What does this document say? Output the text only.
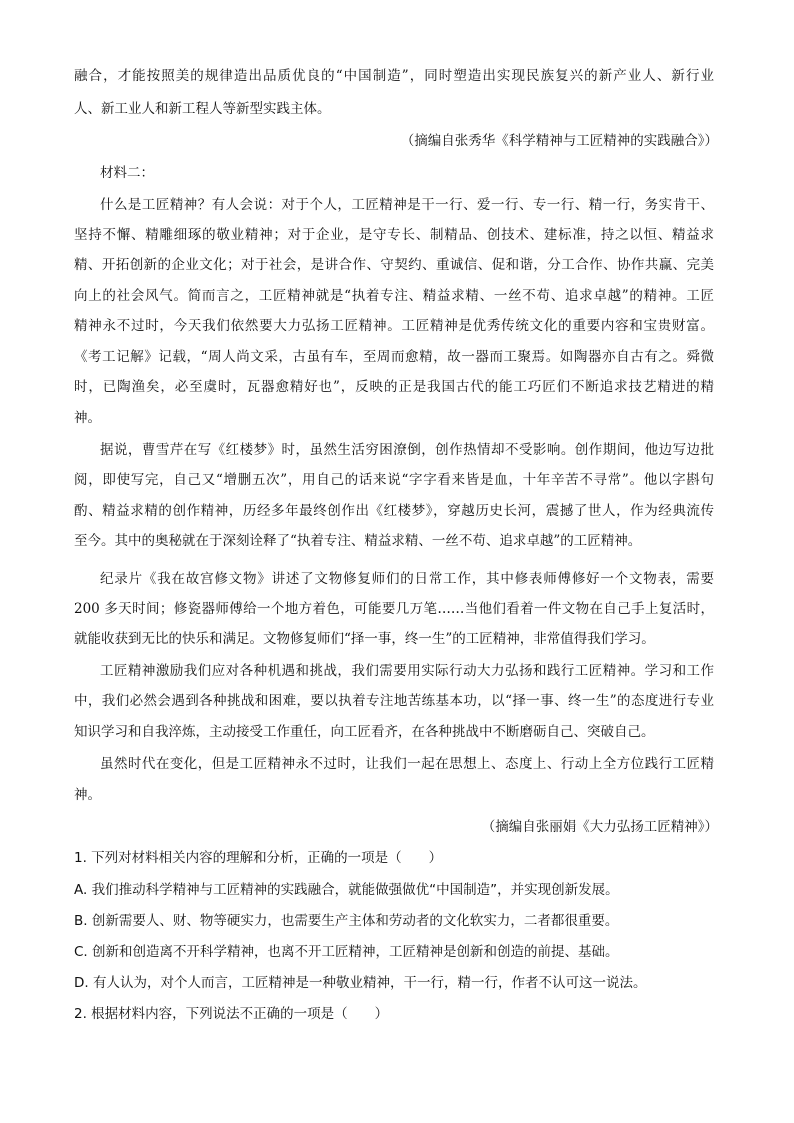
融合，才能按照美的规律造出品质优良的“中国制造”，同时塑造出实现民族复兴的新产业人、新行业
人、新工业人和新工程人等新型实践主体。
（摘编自张秀华《科学精神与工匠精神的实践融合》）
材料二：
什么是工匠精神？有人会说：对于个人，工匠精神是干一行、爱一行、专一行、精一行，务实肯干、
坚持不懈、精雕细琢的敬业精神；对于企业，是守专长、制精品、创技术、建标准，持之以恒、精益求
精、开拓创新的企业文化；对于社会，是讲合作、守契约、重诚信、促和谐，分工合作、协作共赢、完美
向上的社会风气。简而言之，工匠精神就是“执着专注、精益求精、一丝不苟、追求卓越”的精神。工匠
精神永不过时，今天我们依然要大力弘扬工匠精神。工匠精神是优秀传统文化的重要内容和宝贵财富。
《考工记解》记载，“周人尚文采，古虽有车，至周而愈精，故一器而工聚焉。如陶器亦自古有之。舜微
时，已陶渔矣，必至虞时，瓦器愈精好也”，反映的正是我国古代的能工巧匠们不断追求技艺精进的精
神。
据说，曹雪芹在写《红楼梦》时，虽然生活穷困潦倒，创作热情却不受影响。创作期间，他边写边批
阅，即使写完，自己又“增删五次”，用自己的话来说“字字看来皆是血，十年辛苦不寻常”。他以字斟句
酌、精益求精的创作精神，历经多年最终创作出《红楼梦》，穿越历史长河，震撼了世人，作为经典流传
至今。其中的奥秘就在于深刻诠释了“执着专注、精益求精、一丝不苟、追求卓越”的工匠精神。
纪录片《我在故宫修文物》讲述了文物修复师们的日常工作，其中修表师傅修好一个文物表，需要
200 多天时间；修瓷器师傅给一个地方着色，可能要几万笔……当他们看着一件文物在自己手上复活时，
就能收获到无比的快乐和满足。文物修复师们“择一事，终一生”的工匠精神，非常值得我们学习。
工匠精神激励我们应对各种机遇和挑战，我们需要用实际行动大力弘扬和践行工匠精神。学习和工作
中，我们必然会遇到各种挑战和困难，要以执着专注地苦练基本功，以“择一事、终一生”的态度进行专业
知识学习和自我淬炼，主动接受工作重任，向工匠看齐，在各种挑战中不断磨砺自己、突破自己。
虽然时代在变化，但是工匠精神永不过时，让我们一起在思想上、态度上、行动上全方位践行工匠精
神。
（摘编自张丽娟《大力弘扬工匠精神》）
1. 下列对材料相关内容的理解和分析，正确的一项是（　　）
A. 我们推动科学精神与工匠精神的实践融合，就能做强做优“中国制造”，并实现创新发展。
B. 创新需要人、财、物等硬实力，也需要生产主体和劳动者的文化软实力，二者都很重要。
C. 创新和创造离不开科学精神，也离不开工匠精神，工匠精神是创新和创造的前提、基础。
D. 有人认为，对个人而言，工匠精神是一种敬业精神，干一行，精一行，作者不认可这一说法。
2. 根据材料内容，下列说法不正确的一项是（　　）
